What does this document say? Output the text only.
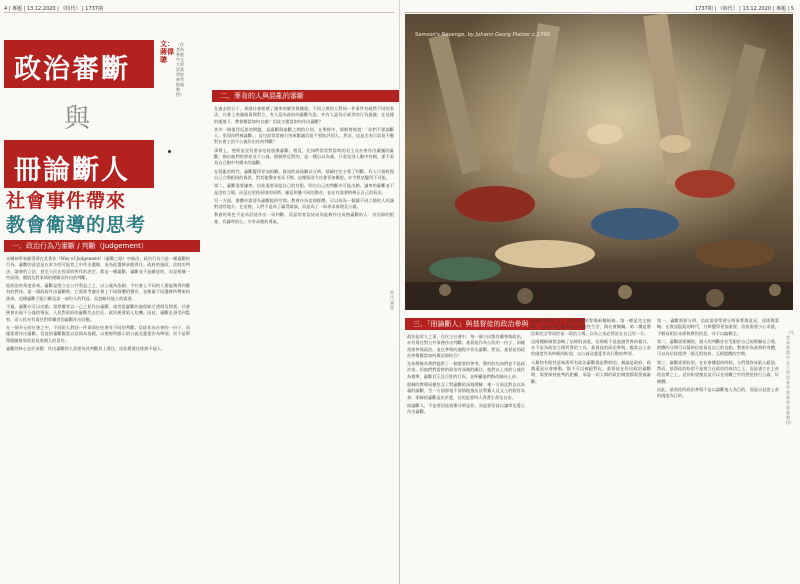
4 | 專題 | 13.12.2020 | 《時代》 | 1737期
政治審斷
與
冊論斷人
文：蔣偉聰
（作者為香港中文大學崇基學院神學院副教授）
社會事件帶來
教會衛導的思考
一、政治行為乃審斷 / 判斷（Judgement）

宋爾神學家歐得華在其著作《Way of Judgement》（審斷之路）中指出，政治行為乃是一種審斷的行為。審斷的意思是在眾多的可能性之中作出選擇，並為此選擇承擔責任。政府的施政、法院的判決、議會的立法，甚至公民在投票時所作的決定，都是一種審斷。審斷並不是隨意的，而是根據一些原則、價值及對事情的理解而作出的判斷。

從政治的角度看來，審斷是建立在公共利益之上，以公義為依歸，令社會上不同的人都能夠得到應有的對待。當一個政府作出審斷時，它需要考慮社會上不同群體的聲音，並衡量不同選擇所帶來的後果。這種審斷不能只顧及某一部份人的利益，而忽略其他人的需要。

不過，審斷亦可以出錯。當掌權者以一己之私作出審斷，或者當審斷的過程缺乏透明及問責，社會便會出現不公義的情況。人民對政府的審斷失去信任，政治便會陷入危機。因此，審斷必須受到監察，而公民亦有責任對掌權者的審斷作出回應。

在一個多元的社會之中，不同的人對同一件事情往往會有不同的判斷。信徒作為社會的一份子，同樣需要作出審斷。信徒的審斷應當以信仰為基礎，以聖經所啟示的公義及慈愛作為準則，而不是單單跟隨群眾的意見或個人的喜好。

審斷的核心在於承擔：作出審斷的人需要為其判斷負上責任，而非將責任推卸予他人。

二、麥肯的人與混亂的審斷

在過去的日子，香港社會經歷了連串的衝突與撕裂。不同立場的人對同一件事件有截然不同的看法，社會上充滿指責與對立。有人認為政府的審斷失當，亦有人認為示威者的行為過激。在這樣的處境下，教會應當如何自處？信徒又應當如何作出審斷？

其中一個值得反思的問題，是審斷與論斷之間的分別。在聖經中，耶穌曾經說：「你們不要論斷人，免得你們被論斷。」這句話常常被引用來勸誡信徒不要批評別人。然而，這是否表示信徒不應對社會上的不公義作出任何判斷？

事實上，聖經並沒有要求信徒放棄審斷。相反，先知們常常對當時的君王及社會作出嚴厲的審斷，指出他們的罪惡及不公義。耶穌所反對的，是一種自以為義、只看見別人眼中有刺，卻不看見自己眼中有樑木的論斷。

在混亂的時代，審斷變得更加困難。資訊的真偽難以分辨，情緒往往主導了判斷。有人只接收與自己立場相同的資訊，對其他聲音充耳不聞。這種情況令社會更加撕裂，亦令對話變得不可能。

第二，審斷需要謙卑。信徒需要承認自己的有限，明白自己的判斷亦可能出錯。謙卑的審斷並不是沒有立場，而是在堅持原則的同時，願意聆聽不同的聲音，並在有需要時修正自己的看法。

另一方面，群體亦需要為審斷提供空間。教會作為信仰群體，可以成為一個讓不同立場的人坦誠對話的地方。在這裡，人們不是為了贏得辯論，而是為了一同尋求真理及公義。

教會的角色不是為信徒作出一切判斷，而是培育信徒成為能夠作出成熟審斷的人：有信仰的根基、有謙卑的心，亦有承擔的勇氣。

時代論壇
1737期 | 《時代》 | 13.12.2020 | 專題 | 5
Samson's Revenge, by Johann Georg Platzer c.1740
三、「冊論斷人」與基督徒的政治參與

政治是眾人之事，在民主社會中，每一個公民都有權參與政治，亦有責任對公共事務作出判斷。基督徒作為公民的一份子，同樣需要參與政治，並在參與的過程中作出審斷。然而，基督徒的政治參與應當如何與信仰結合？

先知傳統為我們提供了一個重要的參考。舊約的先知們並不是政治家，但他們對當時的政治有深刻的關注。他們以上帝的公義作為標準，審斷君王及百姓的行為，並呼籲他們悔改歸向上帝。

耶穌的教導同樣包含了對審斷的深刻理解。衪一方面反對自以為義的論斷，另一方面卻毫不留情地指出法利賽人及文士的假冒為善。耶穌的審斷是出於愛，目的是要叫人得著生命及自由。

冊論斷人，不是要信徒放棄分辨是非，而是要信徒以謙卑及愛心作出審斷。

在政治參與之中，基督徒需要警惕兩種極端。第一種是完全抽離，以為信仰只關乎個人的靈性生活，與社會無關。第二種是將信仰完全等同於某一政治立場，以為上帝必然站在自己的一方。

這兩種極端都忽略了信仰的深度。信仰既不是逃避世界的藉口，亦不是為政治立場背書的工具。基督徒的政治參與，應當以上帝的國度作為終極的盼望，以公義及慈愛作為行動的準則。

人類的有限性意味著所有政治審斷都是暫時的。無論是政府、政黨還是社會運動，都不可以被絕對化。基督徒在作出政治審斷時，需要保持批判的距離，承認一切人間的政治制度都需要被審斷。

第一，審斷需要分辨。信徒需要學習分辨事實與意見、原則與策略。在資訊混亂的時代，分辨變得更加重要。信徒需要小心求證，不輕易相信未經核實的消息，亦不以偏概全。

第二，審斷需要團契。個人的判斷往往受限於自己的經驗及立場，群體的分辨可以幫助信徒看見自己的盲點。教會作為基督的身體，可以為信徒提供一個互相扶持、互相提醒的空間。

第三，審斷需要盼望。在社會撕裂的時候，人們很容易陷入絕望。然而，基督徒的盼望不是建立在政治的成功之上，而是建立在上帝的信實之上。這份盼望使信徒可以在困難之中仍然堅持行公義、好憐憫。

因此，基督徒的政治參與不是以論斷他人為目的，而是以見證上帝的國度為目的。

（作者為香港中文大學崇基學院神學院副教授）
